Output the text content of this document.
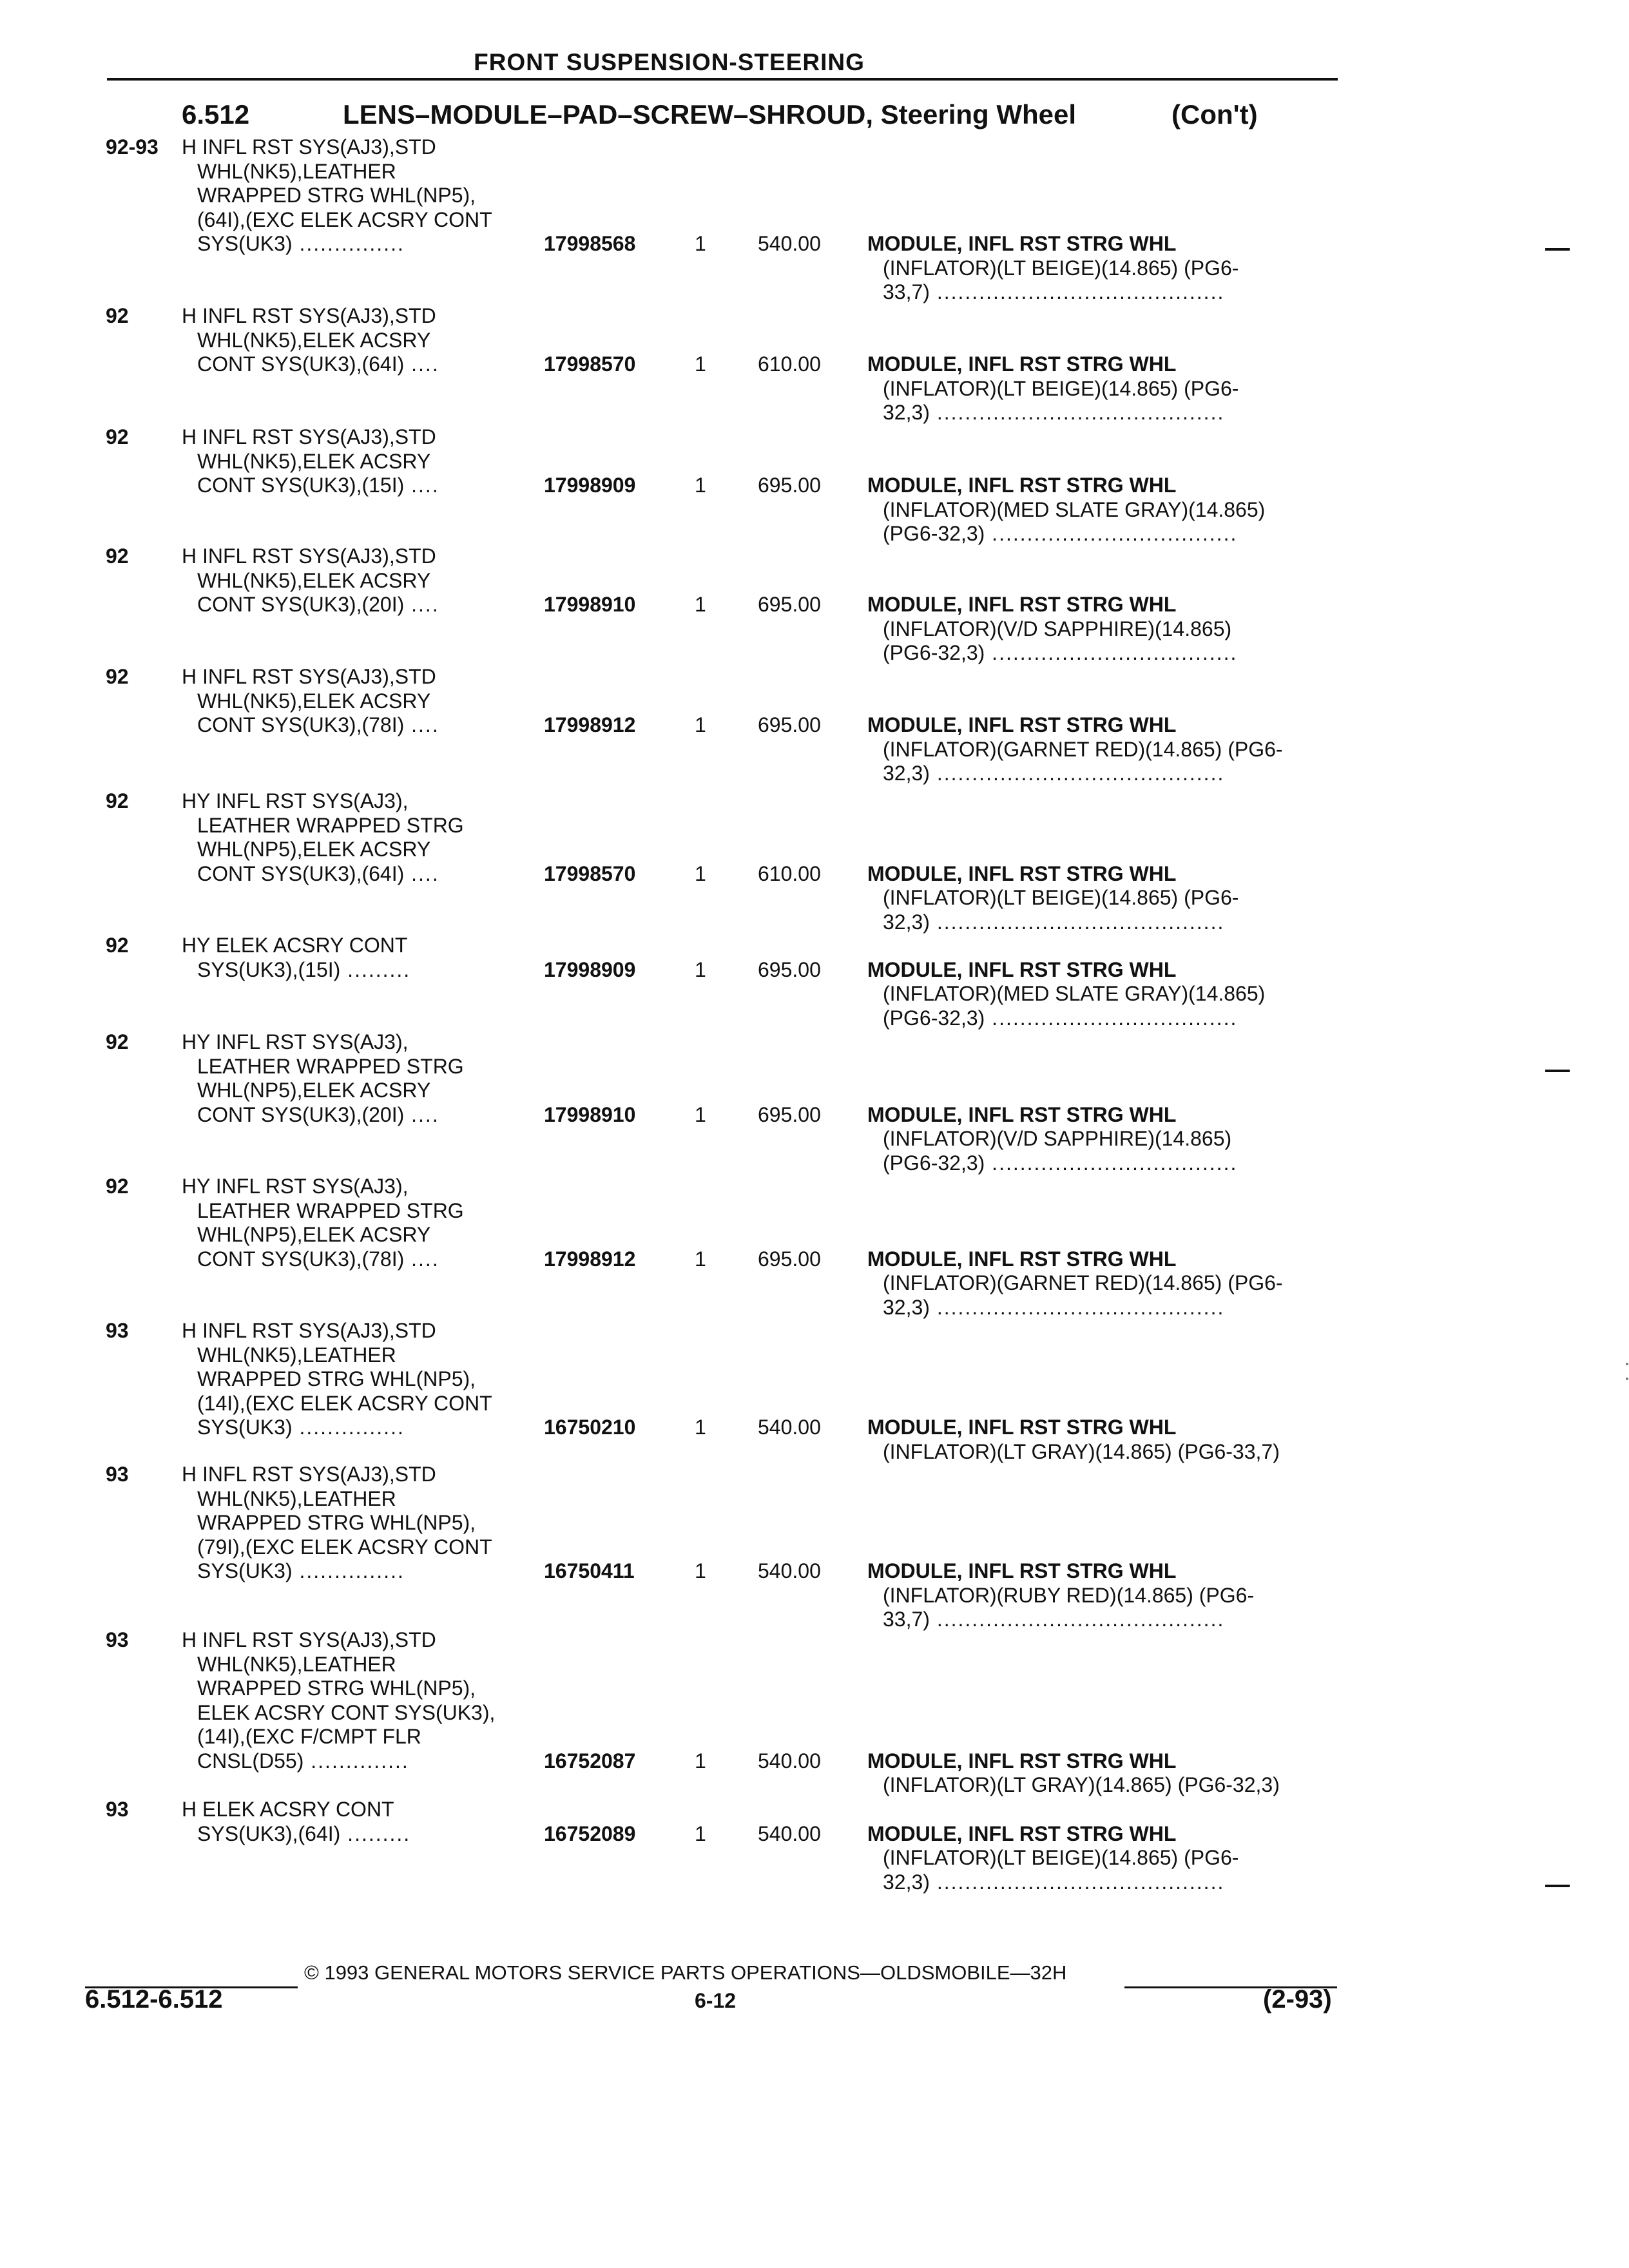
FRONT SUSPENSION-STEERING
6.512	LENS–MODULE–PAD–SCREW–SHROUD, Steering Wheel	(Con't)
92-93	H INFL RST SYS(AJ3),STD
WHL(NK5),LEATHER
WRAPPED STRG WHL(NP5),
(64I),(EXC ELEK ACSRY CONT
SYS(UK3) ...............	17998568	1	540.00 MODULE, INFL RST STRG WHL
(INFLATOR)(LT BEIGE)(14.865) (PG6-
33,7) .........................................
92	H INFL RST SYS(AJ3),STD
WHL(NK5),ELEK ACSRY
CONT SYS(UK3),(64I) ....	17998570	1	610.00 MODULE, INFL RST STRG WHL
(INFLATOR)(LT BEIGE)(14.865) (PG6-
32,3) .........................................
92	H INFL RST SYS(AJ3),STD
WHL(NK5),ELEK ACSRY
CONT SYS(UK3),(15I) ....	17998909	1	695.00 MODULE, INFL RST STRG WHL
(INFLATOR)(MED SLATE GRAY)(14.865)
(PG6-32,3) ...................................
92	H INFL RST SYS(AJ3),STD
WHL(NK5),ELEK ACSRY
CONT SYS(UK3),(20I) ....	17998910	1	695.00 MODULE, INFL RST STRG WHL
(INFLATOR)(V/D SAPPHIRE)(14.865)
(PG6-32,3) ...................................
92	H INFL RST SYS(AJ3),STD
WHL(NK5),ELEK ACSRY
CONT SYS(UK3),(78I) ....	17998912	1	695.00 MODULE, INFL RST STRG WHL
(INFLATOR)(GARNET RED)(14.865) (PG6-
32,3) .........................................
92	HY INFL RST SYS(AJ3),
LEATHER WRAPPED STRG
WHL(NP5),ELEK ACSRY
CONT SYS(UK3),(64I) ....	17998570	1	610.00 MODULE, INFL RST STRG WHL
(INFLATOR)(LT BEIGE)(14.865) (PG6-
32,3) .........................................
92	HY ELEK ACSRY CONT
SYS(UK3),(15I) .........	17998909	1	695.00 MODULE, INFL RST STRG WHL
(INFLATOR)(MED SLATE GRAY)(14.865)
(PG6-32,3) ...................................
92	HY INFL RST SYS(AJ3),
LEATHER WRAPPED STRG
WHL(NP5),ELEK ACSRY
CONT SYS(UK3),(20I) ....	17998910	1	695.00 MODULE, INFL RST STRG WHL
(INFLATOR)(V/D SAPPHIRE)(14.865)
(PG6-32,3) ...................................
92	HY INFL RST SYS(AJ3),
LEATHER WRAPPED STRG
WHL(NP5),ELEK ACSRY
CONT SYS(UK3),(78I) ....	17998912	1	695.00 MODULE, INFL RST STRG WHL
(INFLATOR)(GARNET RED)(14.865) (PG6-
32,3) .........................................
93	H INFL RST SYS(AJ3),STD
WHL(NK5),LEATHER
WRAPPED STRG WHL(NP5),
(14I),(EXC ELEK ACSRY CONT
SYS(UK3) ...............	16750210	1	540.00 MODULE, INFL RST STRG WHL
(INFLATOR)(LT GRAY)(14.865) (PG6-33,7)
93	H INFL RST SYS(AJ3),STD
WHL(NK5),LEATHER
WRAPPED STRG WHL(NP5),
(79I),(EXC ELEK ACSRY CONT
SYS(UK3) ...............	16750411	1	540.00 MODULE, INFL RST STRG WHL
(INFLATOR)(RUBY RED)(14.865) (PG6-
33,7) .........................................
93	H INFL RST SYS(AJ3),STD
WHL(NK5),LEATHER
WRAPPED STRG WHL(NP5),
ELEK ACSRY CONT SYS(UK3),
(14I),(EXC F/CMPT FLR
CNSL(D55) ..............	16752087	1	540.00 MODULE, INFL RST STRG WHL
(INFLATOR)(LT GRAY)(14.865) (PG6-32,3)
93	H ELEK ACSRY CONT
SYS(UK3),(64I) .........	16752089	1	540.00 MODULE, INFL RST STRG WHL
(INFLATOR)(LT BEIGE)(14.865) (PG6-
32,3) .........................................
© 1993 GENERAL MOTORS SERVICE PARTS OPERATIONS—OLDSMOBILE—32H
6.512-6.512	6-12	(2-93)
